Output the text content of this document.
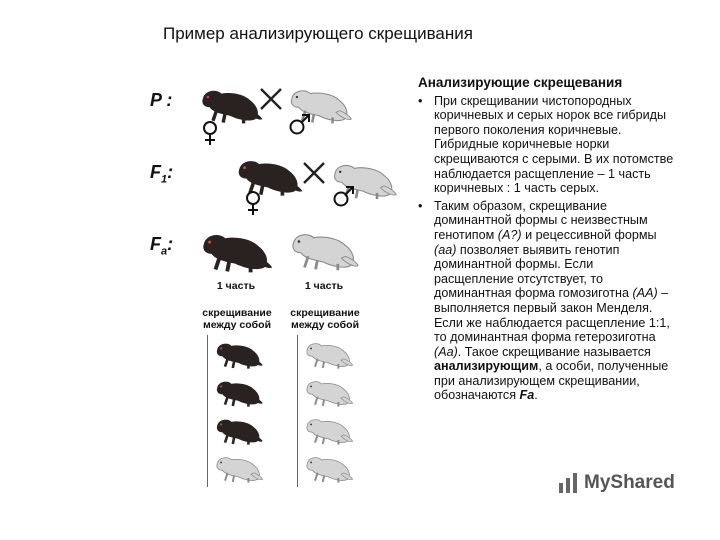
Пример анализирующего скрещивания
P :
$F_1$:
$F_a$:
1 часть	1 часть
скрещивание между собой
скрещивание между собой
Анализирующие скрещевания
• При скрещивании чистопородных коричневых и серых норок все гибриды первого поколения коричневые. Гибридные коричневые норки скрещиваются с серыми. В их потомстве наблюдается расщепление – 1 часть коричневых : 1 часть серых.
• Таким образом, скрещивание доминантной формы с неизвестным генотипом (А?) и рецессивной формы (аа) позволяет выявить генотип доминантной формы. Если расщепление отсутствует, то доминантная форма гомозиготна (АА) – выполняется первый закон Менделя. Если же наблюдается расщепление 1:1, то доминантная форма гетерозиготна (Аа). Такое скрещивание называется анализирующим, а особи, полученные при анализирующем скрещивании, обозначаются Fa.
MyShared
